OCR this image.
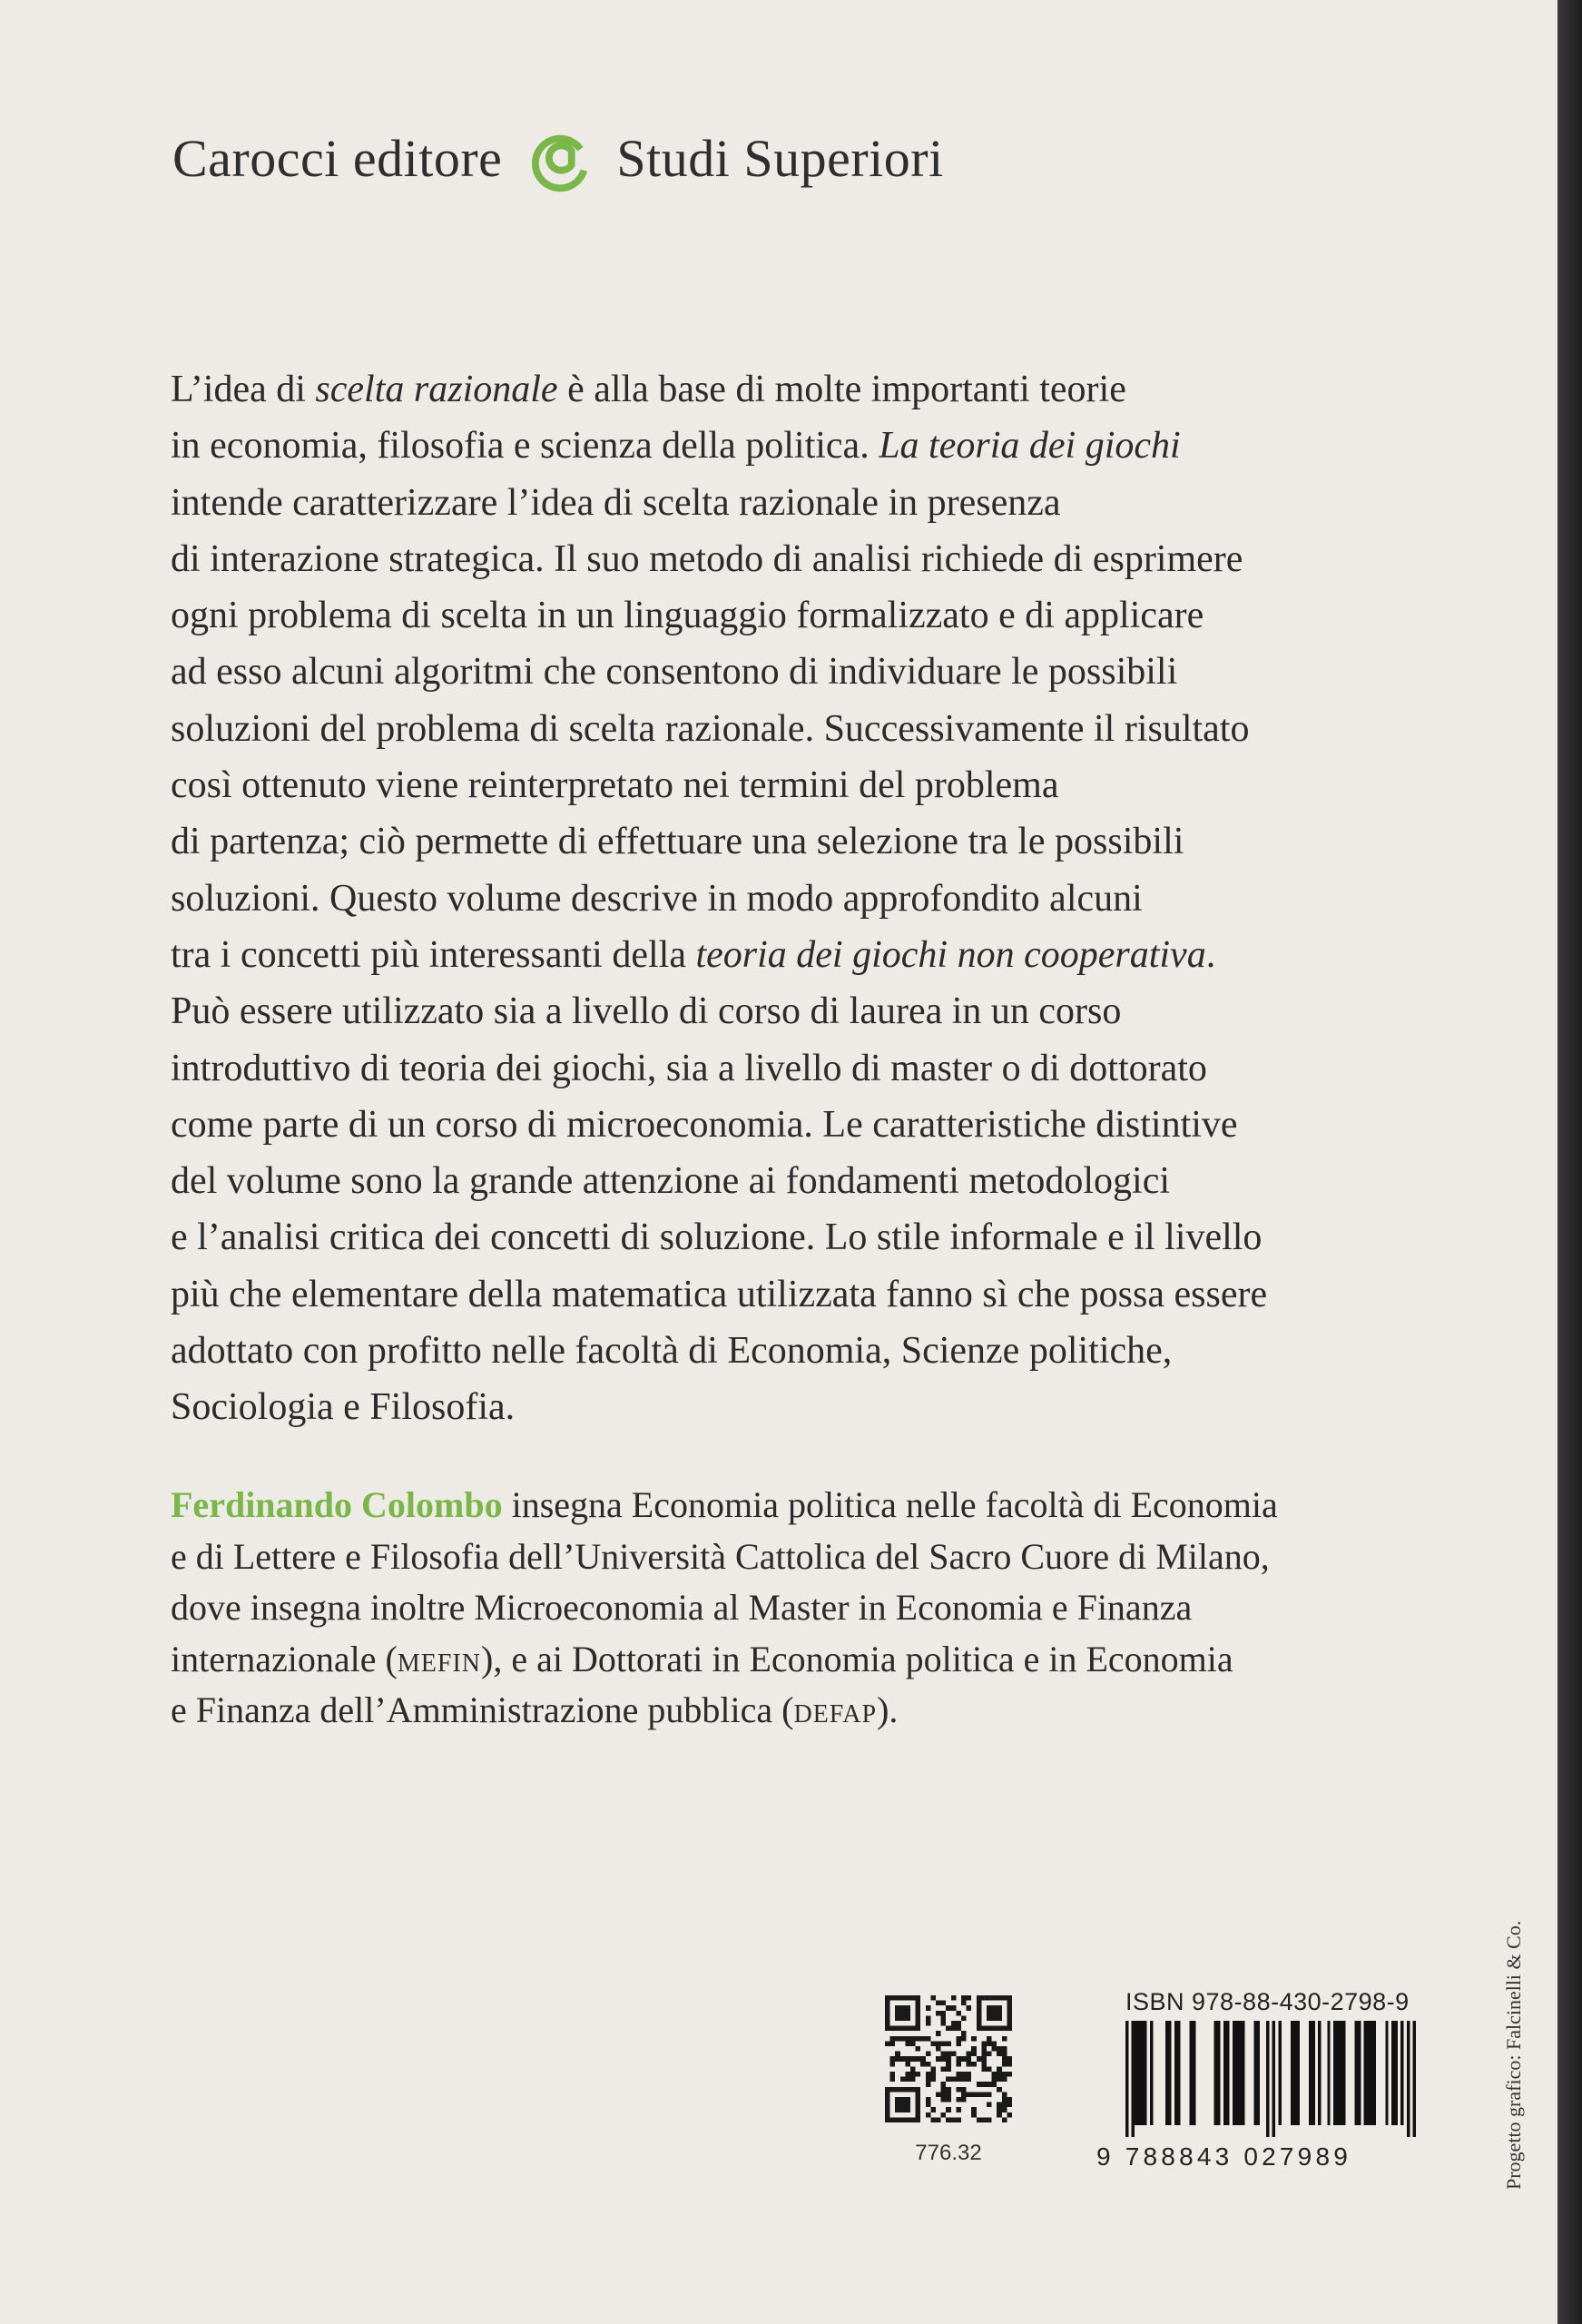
Carocci editore Studi Superiori
L’idea di scelta razionale è alla base di molte importanti teorie
in economia, filosofia e scienza della politica. La teoria dei giochi
intende caratterizzare l’idea di scelta razionale in presenza
di interazione strategica. Il suo metodo di analisi richiede di esprimere
ogni problema di scelta in un linguaggio formalizzato e di applicare
ad esso alcuni algoritmi che consentono di individuare le possibili
soluzioni del problema di scelta razionale. Successivamente il risultato
così ottenuto viene reinterpretato nei termini del problema
di partenza; ciò permette di effettuare una selezione tra le possibili
soluzioni. Questo volume descrive in modo approfondito alcuni
tra i concetti più interessanti della teoria dei giochi non cooperativa.
Può essere utilizzato sia a livello di corso di laurea in un corso
introduttivo di teoria dei giochi, sia a livello di master o di dottorato
come parte di un corso di microeconomia. Le caratteristiche distintive
del volume sono la grande attenzione ai fondamenti metodologici
e l’analisi critica dei concetti di soluzione. Lo stile informale e il livello
più che elementare della matematica utilizzata fanno sì che possa essere
adottato con profitto nelle facoltà di Economia, Scienze politiche,
Sociologia e Filosofia.
Ferdinando Colombo insegna Economia politica nelle facoltà di Economia
e di Lettere e Filosofia dell’Università Cattolica del Sacro Cuore di Milano,
dove insegna inoltre Microeconomia al Master in Economia e Finanza
internazionale (mefin), e ai Dottorati in Economia politica e in Economia
e Finanza dell’Amministrazione pubblica (defap).
776.32
ISBN 978-88-430-2798-9
9 788843 027989	Progetto grafico: Falcinelli & Co.
